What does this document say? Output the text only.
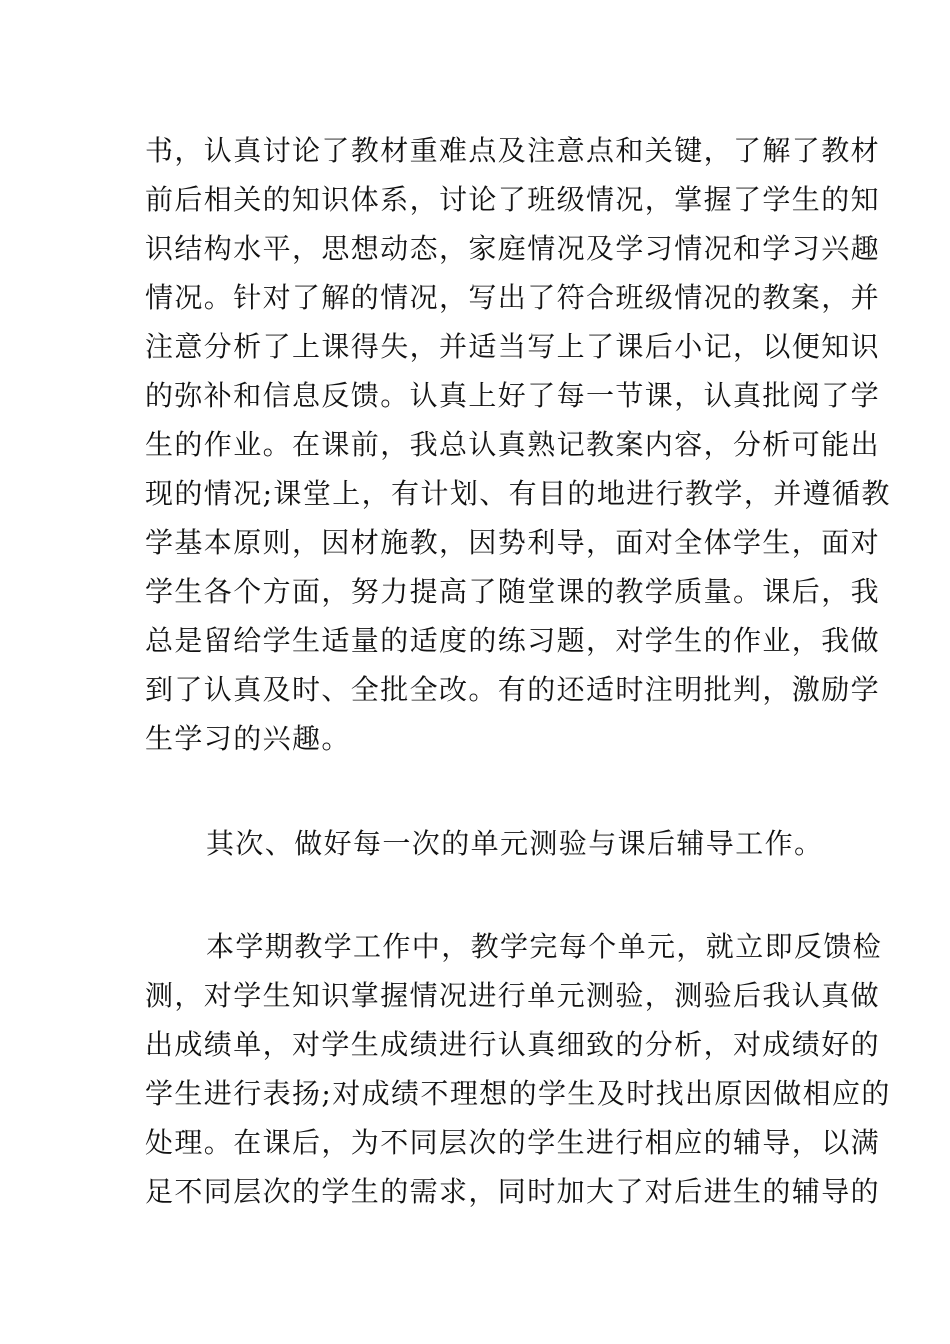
书，认真讨论了教材重难点及注意点和关键，了解了教材
前后相关的知识体系，讨论了班级情况，掌握了学生的知
识结构水平，思想动态，家庭情况及学习情况和学习兴趣
情况。针对了解的情况，写出了符合班级情况的教案，并
注意分析了上课得失，并适当写上了课后小记，以便知识
的弥补和信息反馈。认真上好了每一节课，认真批阅了学
生的作业。在课前，我总认真熟记教案内容，分析可能出
现的情况;课堂上，有计划、有目的地进行教学，并遵循教
学基本原则，因材施教，因势利导，面对全体学生，面对
学生各个方面，努力提高了随堂课的教学质量。课后，我
总是留给学生适量的适度的练习题，对学生的作业，我做
到了认真及时、全批全改。有的还适时注明批判，激励学
生学习的兴趣。
其次、做好每一次的单元测验与课后辅导工作。
本学期教学工作中，教学完每个单元，就立即反馈检
测，对学生知识掌握情况进行单元测验，测验后我认真做
出成绩单，对学生成绩进行认真细致的分析，对成绩好的
学生进行表扬;对成绩不理想的学生及时找出原因做相应的
处理。在课后，为不同层次的学生进行相应的辅导，以满
足不同层次的学生的需求，同时加大了对后进生的辅导的
